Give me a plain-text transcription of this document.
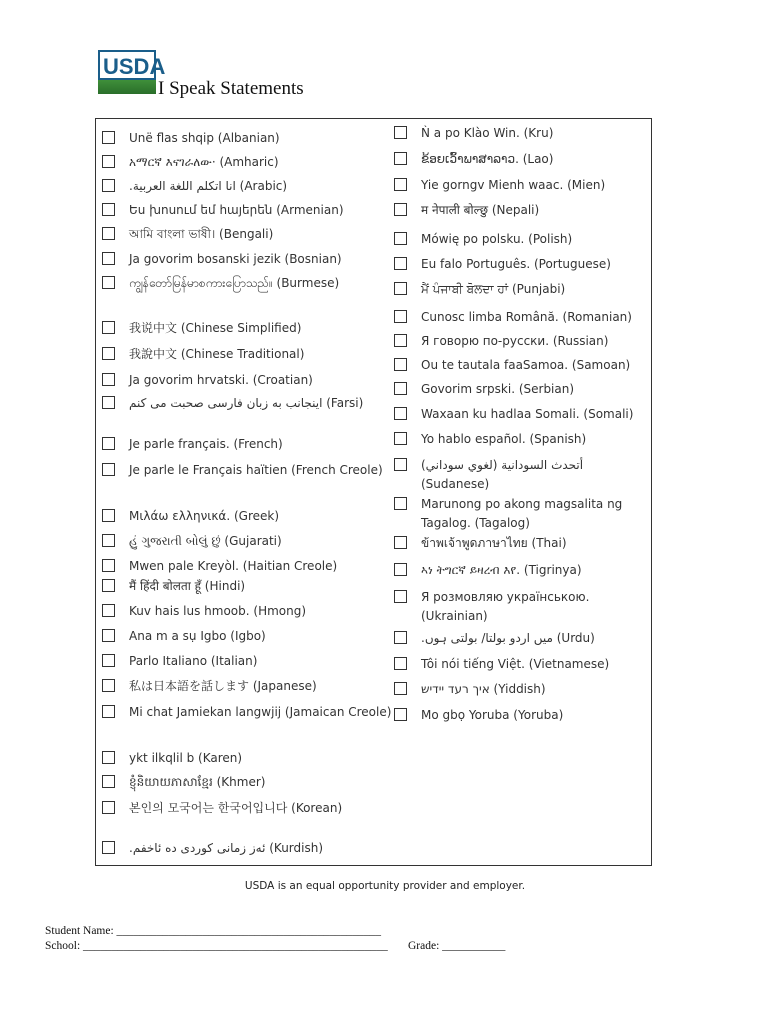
USDA
I Speak Statements
Unë flas shqip (Albanian)
አማርኛ እናገራለው· (Amharic)
.انا اتكلم اللغة العربية (Arabic)
Ես խոսում եմ հայերեն (Armenian)
আমি বাংলা ভাষী। (Bengali)
Ja govorim bosanski jezik (Bosnian)
ကျွန်တော်မြန်မာစကားပြောသည်။ (Burmese)
我说中文 (Chinese Simplified)
我說中文 (Chinese Traditional)
Ja govorim hrvatski. (Croatian)
اینجانب به زبان فارسی صحبت می کنم (Farsi)
Je parle français. (French)
Je parle le Français haïtien (French Creole)
Μιλάω ελληνικά. (Greek)
હું ગુજરાતી બોલું છું (Gujarati)
Mwen pale Kreyòl. (Haitian Creole)
मैं हिंदी बोलता हूँ (Hindi)
Kuv hais lus hmoob. (Hmong)
Ana m a sụ Igbo (Igbo)
Parlo Italiano (Italian)
私は日本語を話します (Japanese)
Mi chat Jamiekan langwjij (Jamaican Creole)
ykt ilkqlil b (Karen)
ខ្ញុំនិយាយភាសាខ្មែរ (Khmer)
본인의 모국어는 한국어입니다 (Korean)
.ئەز زمانی کوردی دە ئاخفم (Kurdish)
Ǹ a po Klào Win. (Kru)
ຂ້ອຍເວົ້າພາສາລາວ. (Lao)
Yie gorngv Mienh waac. (Mien)
म नेपाली बोल्छु (Nepali)
Mówię po polsku. (Polish)
Eu falo Português. (Portuguese)
ਮੈਂ ਪੰਜਾਬੀ ਬੋਲਦਾ ਹਾਂ (Punjabi)
Cunosc limba Română. (Romanian)
Я говорю по-русски. (Russian)
Ou te tautala faaSamoa. (Samoan)
Govorim srpski. (Serbian)
Waxaan ku hadlaa Somali. (Somali)
Yo hablo español. (Spanish)
أتحدث السودانية (لغوي سوداني) (Sudanese)
Marunong po akong magsalita ng Tagalog. (Tagalog)
ข้าพเจ้าพูดภาษาไทย (Thai)
ኣነ ትግርኛ ይዛረብ እየ. (Tigrinya)
Я розмовляю українською. (Ukrainian)
.میں اردو بولتا/ بولتی ہوں (Urdu)
Tôi nói tiếng Việt. (Vietnamese)
איך רעד יידיש (Yiddish)
Mo gbọ Yoruba (Yoruba)
USDA is an equal opportunity provider and employer.
Student Name: ______________________________________________
School: _____________________________________________________ Grade: ___________
